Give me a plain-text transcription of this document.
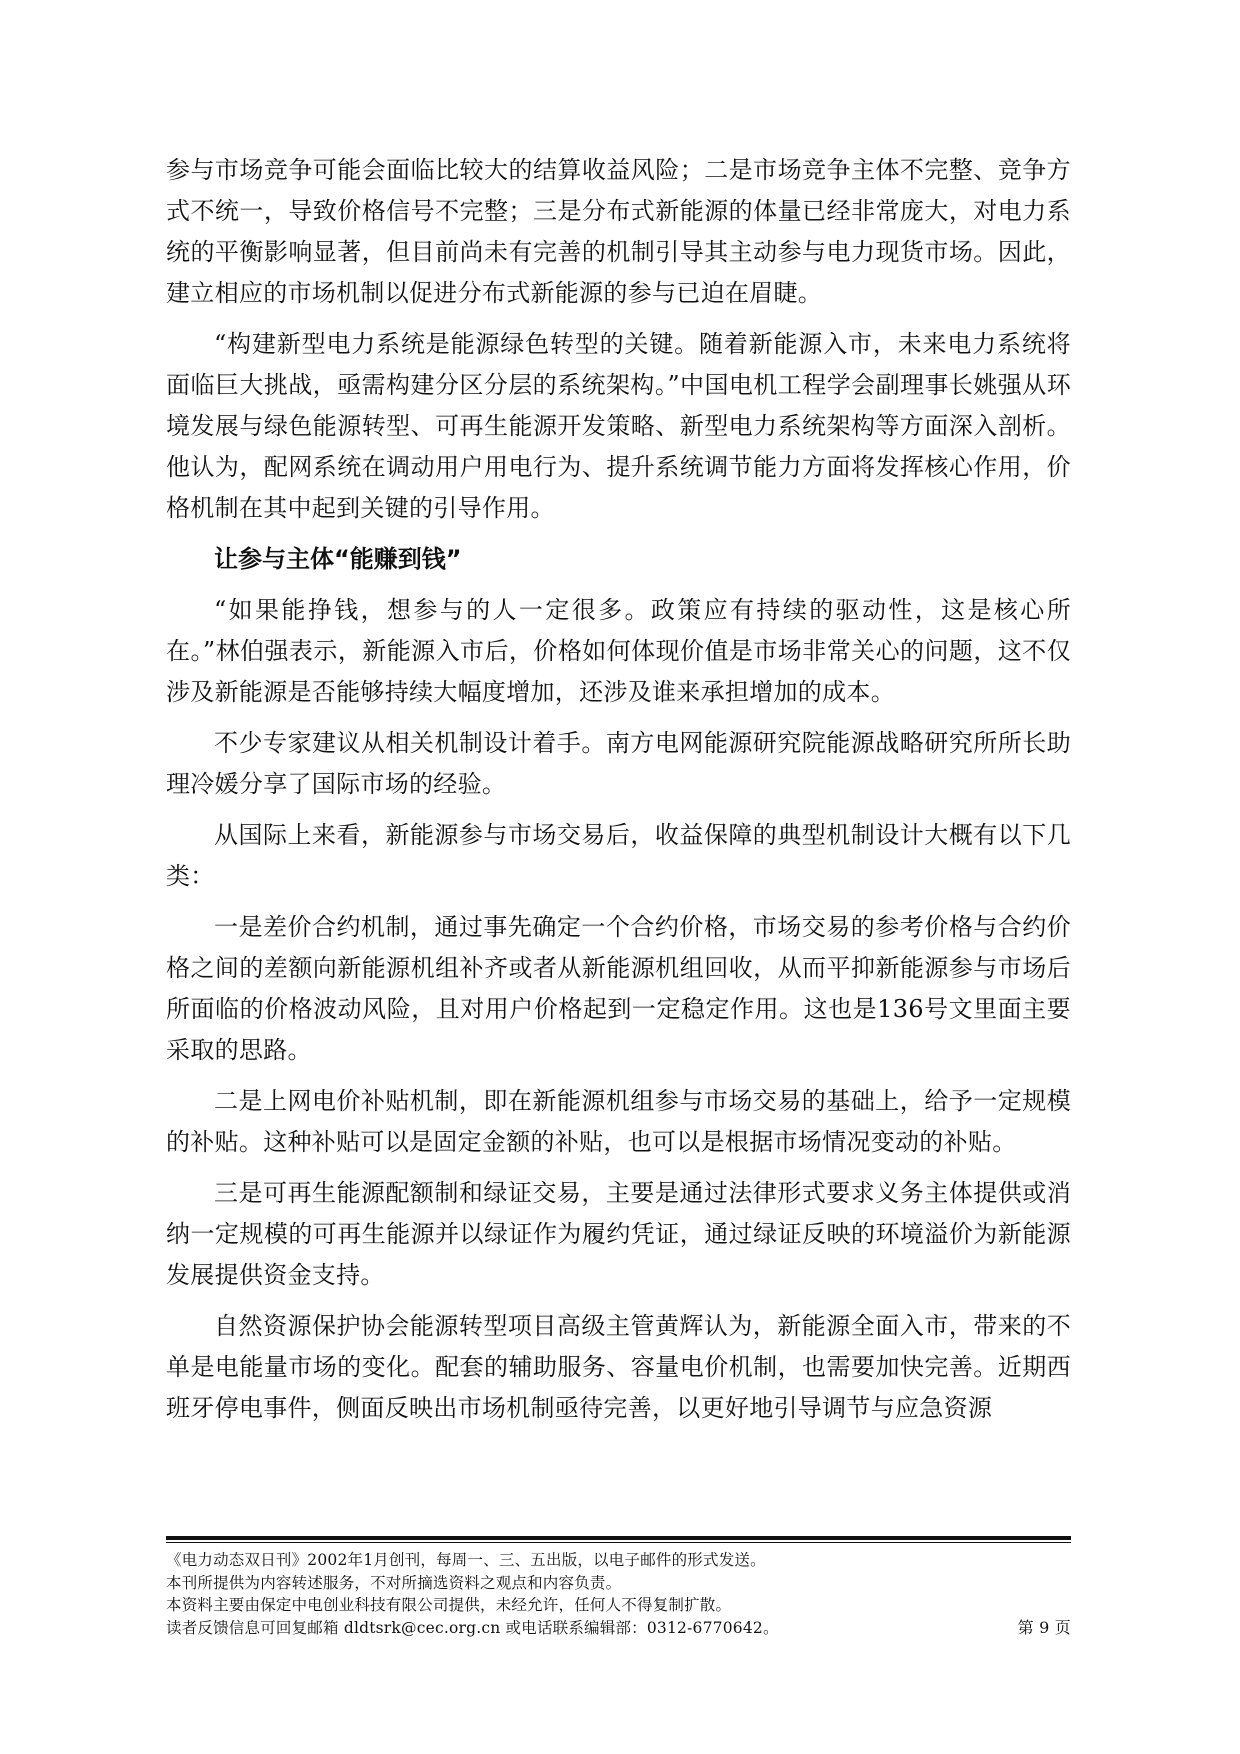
参与市场竞争可能会面临比较大的结算收益风险；二是市场竞争主体不完整、竞争方式不统一，导致价格信号不完整；三是分布式新能源的体量已经非常庞大，对电力系统的平衡影响显著，但目前尚未有完善的机制引导其主动参与电力现货市场。因此，建立相应的市场机制以促进分布式新能源的参与已迫在眉睫。

“构建新型电力系统是能源绿色转型的关键。随着新能源入市，未来电力系统将面临巨大挑战，亟需构建分区分层的系统架构。”中国电机工程学会副理事长姚强从环境发展与绿色能源转型、可再生能源开发策略、新型电力系统架构等方面深入剖析。他认为，配网系统在调动用户用电行为、提升系统调节能力方面将发挥核心作用，价格机制在其中起到关键的引导作用。

让参与主体“能赚到钱”

“如果能挣钱，想参与的人一定很多。政策应有持续的驱动性，这是核心所在。”林伯强表示，新能源入市后，价格如何体现价值是市场非常关心的问题，这不仅涉及新能源是否能够持续大幅度增加，还涉及谁来承担增加的成本。

不少专家建议从相关机制设计着手。南方电网能源研究院能源战略研究所所长助理冷媛分享了国际市场的经验。

从国际上来看，新能源参与市场交易后，收益保障的典型机制设计大概有以下几类：

一是差价合约机制，通过事先确定一个合约价格，市场交易的参考价格与合约价格之间的差额向新能源机组补齐或者从新能源机组回收，从而平抑新能源参与市场后所面临的价格波动风险，且对用户价格起到一定稳定作用。这也是136号文里面主要采取的思路。

二是上网电价补贴机制，即在新能源机组参与市场交易的基础上，给予一定规模的补贴。这种补贴可以是固定金额的补贴，也可以是根据市场情况变动的补贴。

三是可再生能源配额制和绿证交易，主要是通过法律形式要求义务主体提供或消纳一定规模的可再生能源并以绿证作为履约凭证，通过绿证反映的环境溢价为新能源发展提供资金支持。

自然资源保护协会能源转型项目高级主管黄辉认为，新能源全面入市，带来的不单是电能量市场的变化。配套的辅助服务、容量电价机制，也需要加快完善。近期西班牙停电事件，侧面反映出市场机制亟待完善，以更好地引导调节与应急资源

《电力动态双日刊》2002年1月创刊，每周一、三、五出版，以电子邮件的形式发送。
本刊所提供为内容转述服务，不对所摘选资料之观点和内容负责。
本资料主要由保定中电创业科技有限公司提供，未经允许，任何人不得复制扩散。
读者反馈信息可回复邮箱 dldtsrk@cec.org.cn 或电话联系编辑部：0312-6770642。	第 9 页
